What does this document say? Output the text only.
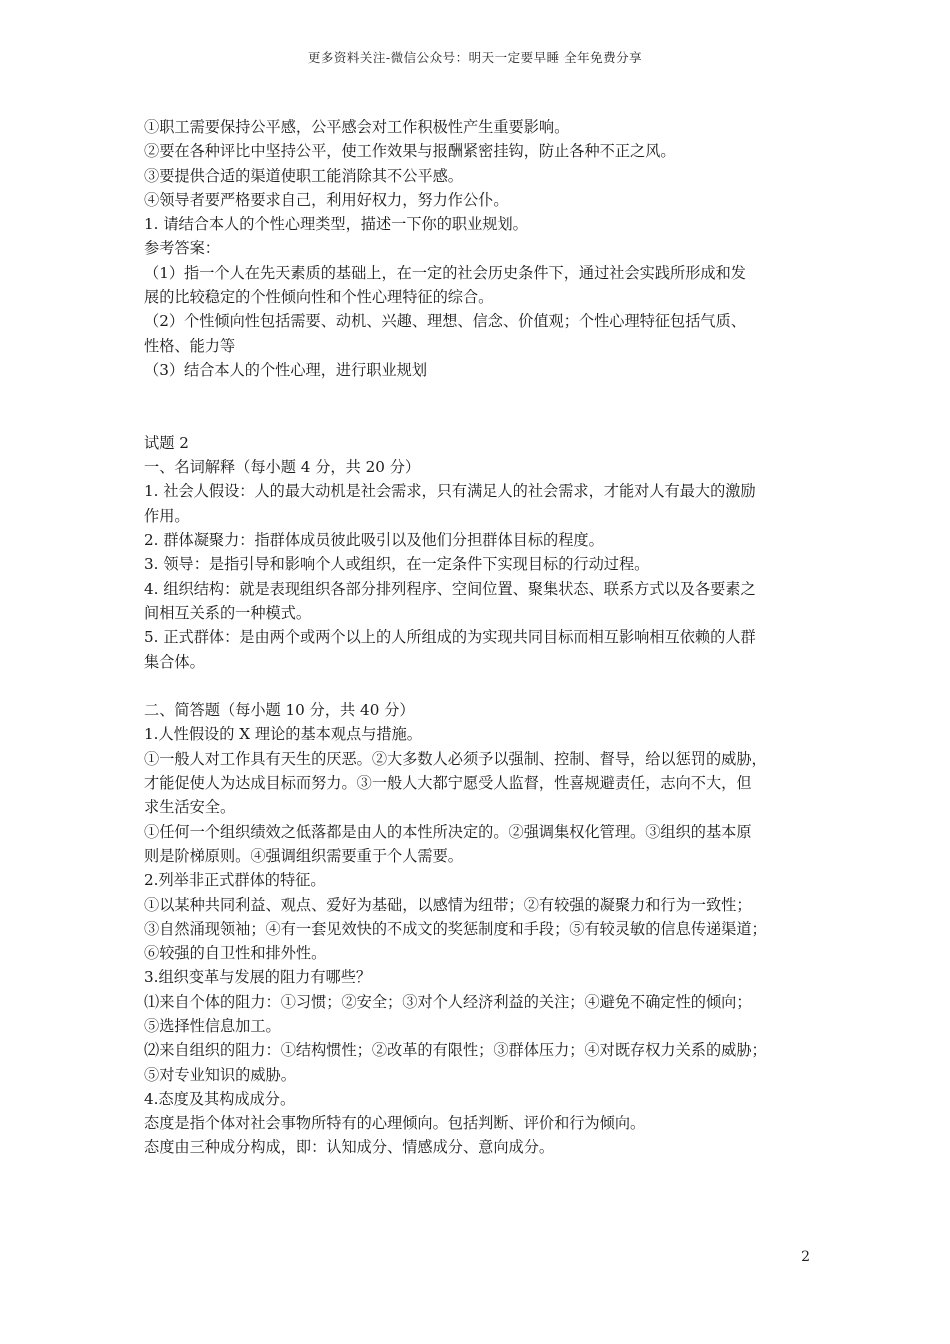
更多资料关注-微信公众号：明天一定要早睡 全年免费分享
①职工需要保持公平感，公平感会对工作积极性产生重要影响。
②要在各种评比中坚持公平，使工作效果与报酬紧密挂钩，防止各种不正之风。
③要提供合适的渠道使职工能消除其不公平感。
④领导者要严格要求自己，利用好权力，努力作公仆。
1. 请结合本人的个性心理类型，描述一下你的职业规划。
参考答案：
（1）指一个人在先天素质的基础上，在一定的社会历史条件下，通过社会实践所形成和发
展的比较稳定的个性倾向性和个性心理特征的综合。
（2）个性倾向性包括需要、动机、兴趣、理想、信念、价值观；个性心理特征包括气质、
性格、能力等
（3）结合本人的个性心理，进行职业规划
试题 2
一、名词解释（每小题 4 分，共 20 分）
1. 社会人假设：人的最大动机是社会需求，只有满足人的社会需求，才能对人有最大的激励
作用。
2. 群体凝聚力：指群体成员彼此吸引以及他们分担群体目标的程度。
3. 领导：是指引导和影响个人或组织，在一定条件下实现目标的行动过程。
4. 组织结构：就是表现组织各部分排列程序、空间位置、聚集状态、联系方式以及各要素之
间相互关系的一种模式。
5. 正式群体：是由两个或两个以上的人所组成的为实现共同目标而相互影响相互依赖的人群
集合体。
二、简答题（每小题 10 分，共 40 分）
1.人性假设的 X 理论的基本观点与措施。
①一般人对工作具有天生的厌恶。②大多数人必须予以强制、控制、督导，给以惩罚的威胁，
才能促使人为达成目标而努力。③一般人大都宁愿受人监督，性喜规避责任，志向不大，但
求生活安全。
①任何一个组织绩效之低落都是由人的本性所决定的。②强调集权化管理。③组织的基本原
则是阶梯原则。④强调组织需要重于个人需要。
2.列举非正式群体的特征。
①以某种共同利益、观点、爱好为基础，以感情为纽带；②有较强的凝聚力和行为一致性；
③自然涌现领袖；④有一套见效快的不成文的奖惩制度和手段；⑤有较灵敏的信息传递渠道；
⑥较强的自卫性和排外性。
3.组织变革与发展的阻力有哪些？
⑴来自个体的阻力：①习惯；②安全；③对个人经济利益的关注；④避免不确定性的倾向；
⑤选择性信息加工。
⑵来自组织的阻力：①结构惯性；②改革的有限性；③群体压力；④对既存权力关系的威胁；
⑤对专业知识的威胁。
4.态度及其构成成分。
态度是指个体对社会事物所特有的心理倾向。包括判断、评价和行为倾向。
态度由三种成分构成，即：认知成分、情感成分、意向成分。
2
